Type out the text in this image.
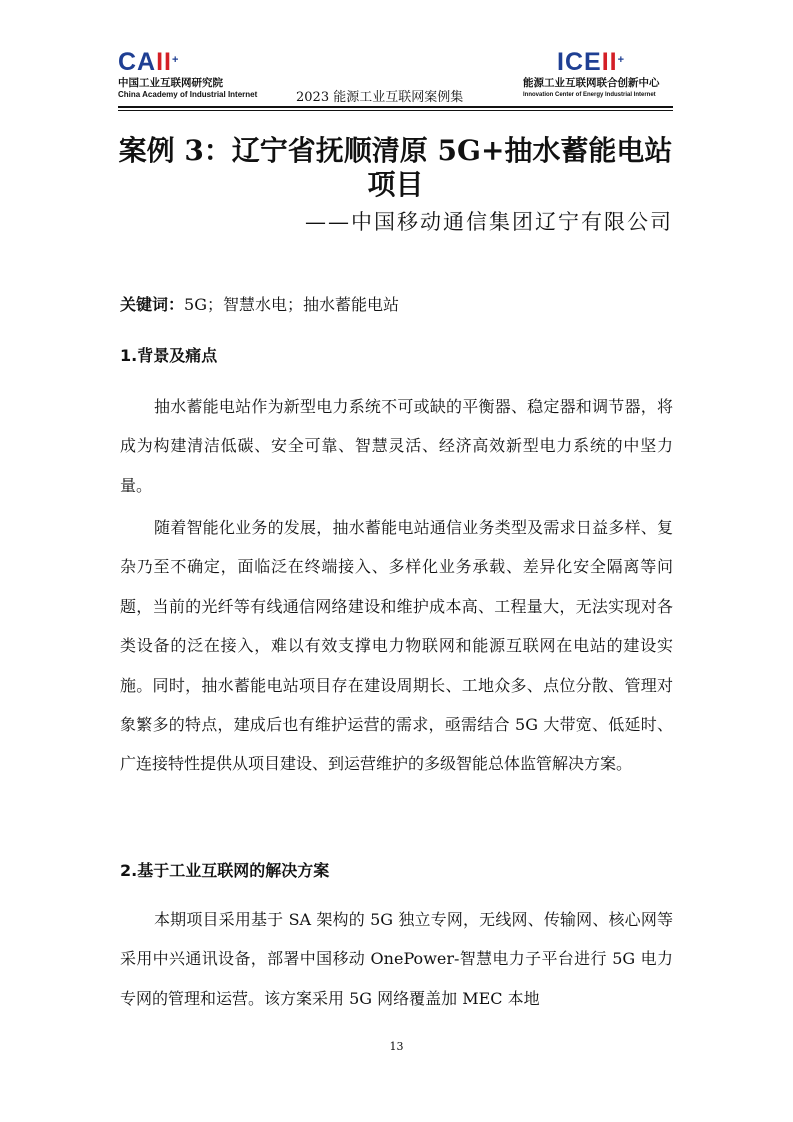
CAII+
中国工业互联网研究院
China Academy of Industrial Internet	2023 能源工业互联网案例集
ICEII+
能源工业互联网联合创新中心
Innovation Center of Energy Industrial Internet
案例 3：辽宁省抚顺清原 5G+抽水蓄能电站项目
——中国移动通信集团辽宁有限公司
关键词：5G；智慧水电；抽水蓄能电站
1.背景及痛点

抽水蓄能电站作为新型电力系统不可或缺的平衡器、稳定器和调节器，将成为构建清洁低碳、安全可靠、智慧灵活、经济高效新型电力系统的中坚力量。

随着智能化业务的发展，抽水蓄能电站通信业务类型及需求日益多样、复杂乃至不确定，面临泛在终端接入、多样化业务承载、差异化安全隔离等问题，当前的光纤等有线通信网络建设和维护成本高、工程量大，无法实现对各类设备的泛在接入，难以有效支撑电力物联网和能源互联网在电站的建设实施。同时，抽水蓄能电站项目存在建设周期长、工地众多、点位分散、管理对象繁多的特点，建成后也有维护运营的需求，亟需结合 5G 大带宽、低延时、广连接特性提供从项目建设、到运营维护的多级智能总体监管解决方案。

2.基于工业互联网的解决方案

本期项目采用基于 SA 架构的 5G 独立专网，无线网、传输网、核心网等采用中兴通讯设备，部署中国移动 OnePower-智慧电力子平台进行 5G 电力专网的管理和运营。该方案采用 5G 网络覆盖加 MEC 本地

13
